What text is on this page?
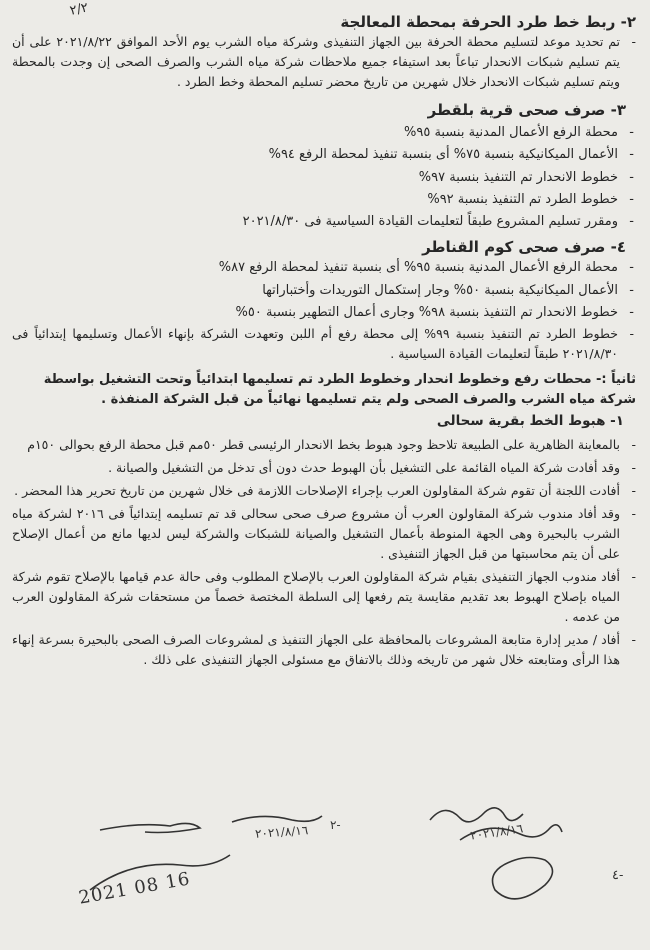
٢/٢
٢- ربط خط طرد الحرفة بمحطة المعالجة
-
تم تحديد موعد لتسليم محطة الحرفة بين الجهاز التنفيذى وشركة مياه الشرب يوم الأحد الموافق ٢٠٢١/٨/٢٢ على أن يتم تسليم شبكات الانحدار تباعاً بعد استيفاء جميع ملاحظات شركة مياه الشرب والصرف الصحى إن وجدت بالمحطة ويتم تسليم شبكات الانحدار خلال شهرين من تاريخ محضر تسليم المحطة وخط الطرد .
٣- صرف صحى قرية بلقطر
-
محطة الرفع الأعمال المدنية بنسبة ٩٥%
-
الأعمال الميكانيكية بنسبة ٧٥% أى بنسبة تنفيذ لمحطة الرفع ٩٤%
-
خطوط الانحدار تم التنفيذ بنسبة ٩٧%
-
خطوط الطرد تم التنفيذ بنسبة ٩٢%
-
ومقرر تسليم المشروع طبقاً لتعليمات القيادة السياسية فى ٢٠٢١/٨/٣٠
٤- صرف صحى كوم القناطر
-
محطة الرفع الأعمال المدنية بنسبة ٩٥% أى بنسبة تنفيذ لمحطة الرفع ٨٧%
-
الأعمال الميكانيكية بنسبة ٥٠% وجار إستكمال التوريدات وأختباراتها
-
خطوط الانحدار تم التنفيذ بنسبة ٩٨% وجارى أعمال التطهير بنسبة ٥٠%
-
خطوط الطرد تم التنفيذ بنسبة ٩٩% إلى محطة رفع أم اللبن وتعهدت الشركة بإنهاء الأعمال وتسليمها إبتدائياً فى ٢٠٢١/٨/٣٠ طبقاً لتعليمات القيادة السياسية .
ثانياً :- محطات رفع وخطوط انحدار وخطوط الطرد تم تسليمها ابتدائياً وتحت التشغيل بواسطة شركة مياه الشرب والصرف الصحى ولم يتم تسليمها نهائياً من قبل الشركة المنفذة .
١- هبوط الخط بقرية سحالى
-
بالمعاينة الظاهرية على الطبيعة تلاحظ وجود هبوط بخط الانحدار الرئيسى قطر ٥٠مم قبل محطة الرفع بحوالى ١٥٠م
-
وقد أفادت شركة المياه القائمة على التشغيل بأن الهبوط حدث دون أى تدخل من التشغيل والصيانة .
-
أفادت اللجنة أن تقوم شركة المقاولون العرب بإجراء الإصلاحات اللازمة فى خلال شهرين من تاريخ تحرير هذا المحضر .
-
وقد أفاد مندوب شركة المقاولون العرب أن مشروع صرف صحى سحالى قد تم تسليمه إبتدائياً فى ٢٠١٦ لشركة مياه الشرب بالبحيرة وهى الجهة المنوطة بأعمال التشغيل والصيانة للشبكات والشركة ليس لديها مانع من أعمال الإصلاح على أن يتم محاسبتها من قبل الجهاز التنفيذى .
-
أفاد مندوب الجهاز التنفيذى بقيام شركة المقاولون العرب بالإصلاح المطلوب وفى حالة عدم قيامها بالإصلاح تقوم شركة المياه بإصلاح الهبوط بعد تقديم مقايسة يتم رفعها إلى السلطة المختصة خصماً من مستحقات شركة المقاولون العرب من عدمه .
-
أفاد / مدير إدارة متابعة المشروعات بالمحافظة على الجهاز التنفيذ ى لمشروعات الصرف الصحى بالبحيرة بسرعة إنهاء هذا الرأى ومتابعته خلال شهر من تاريخه وذلك بالاتفاق مع مسئولى الجهاز التنفيذى على ذلك .
٢٠٢١/٨/١٦	٢٠٢١/٨/١٦
-٢
-٤
16 08 2021
